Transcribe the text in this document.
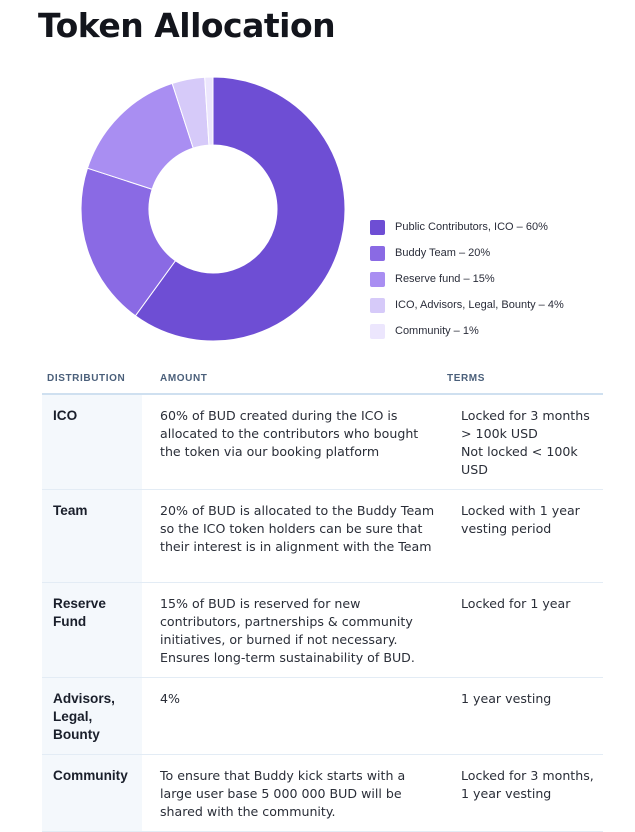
Token Allocation
Public Contributors, ICO – 60%
Buddy Team – 20%
Reserve fund – 15%
ICO, Advisors, Legal, Bounty – 4%
Community – 1%
DISTRIBUTION	AMOUNT	TERMS
ICO	60% of BUD created during the ICO is allocated to the contributors who bought the token via our booking platform	Locked for 3 months > 100k USD
Not locked < 100k USD
Team	20% of BUD is allocated to the Buddy Team so the ICO token holders can be sure that their interest is in alignment with the Team	Locked with 1 year vesting period
Reserve Fund	15% of BUD is reserved for new contributors, partnerships & community initiatives, or burned if not necessary. Ensures long-term sustainability of BUD.	Locked for 1 year
Advisors, Legal, Bounty	4%	1 year vesting
Community	To ensure that Buddy kick starts with a large user base 5 000 000 BUD will be shared with the community.	Locked for 3 months, 1 year vesting
